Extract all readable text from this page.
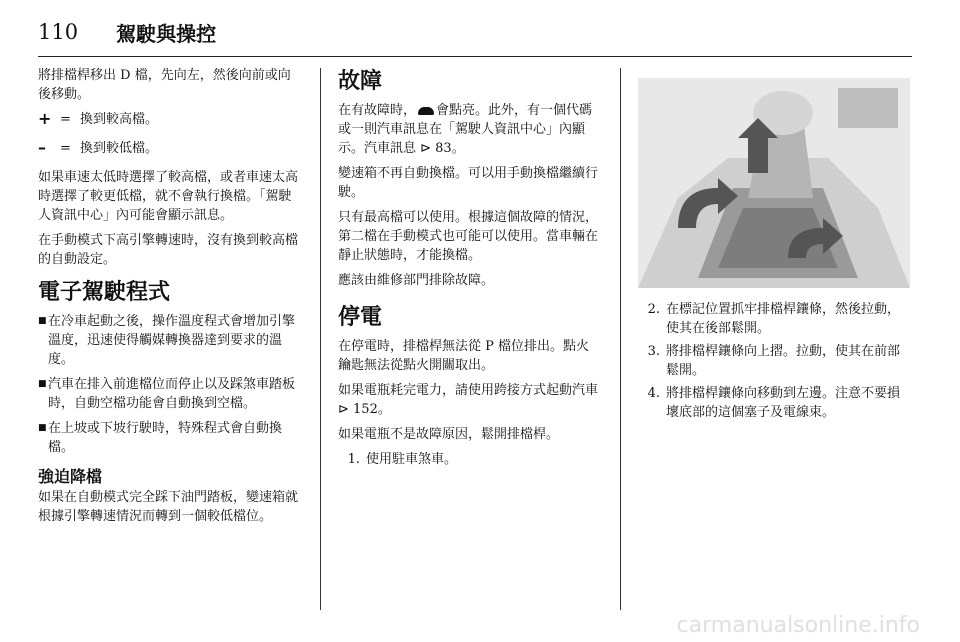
110 駕駛與操控

將排檔桿移出 D 檔，先向左，然後向前或向後移動。

+ = 換到較高檔。
–	= 換到較低檔。

如果車速太低時選擇了較高檔，或者車速太高時選擇了較更低檔，就不會執行換檔。「駕駛人資訊中心」內可能會顯示訊息。

在手動模式下高引擎轉速時，沒有換到較高檔的自動設定。

電子駕駛程式
■ 在冷車起動之後，操作溫度程式會增加引擎溫度，迅速使得觸媒轉換器達到要求的溫度。
■ 汽車在排入前進檔位而停止以及踩煞車踏板時，自動空檔功能會自動換到空檔。
■ 在上坡或下坡行駛時，特殊程式會自動換檔。
強迫降檔

如果在自動模式完全踩下油門踏板，變速箱就根據引擎轉速情況而轉到一個較低檔位。

故障

在有故障時， 會點亮。此外，有一個代碼或一則汽車訊息在「駕駛人資訊中心」內顯示。汽車訊息 ⊳ 83。

變速箱不再自動換檔。可以用手動換檔繼續行駛。

只有最高檔可以使用。根據這個故障的情況，第二檔在手動模式也可能可以使用。當車輛在靜止狀態時，才能換檔。

應該由維修部門排除故障。

停電

在停電時，排檔桿無法從 P 檔位排出。點火鑰匙無法從點火開關取出。

如果電瓶耗完電力，請使用跨接方式起動汽車 ⊳ 152。

如果電瓶不是故障原因，鬆開排檔桿。

1. 使用駐車煞車。
2. 在標記位置抓牢排檔桿鑲條，然後拉動，使其在後部鬆開。
3. 將排檔桿鑲條向上摺。拉動，使其在前部鬆開。
4. 將排檔桿鑲條向移動到左邊。注意不要損壞底部的這個塞子及電線束。
carmanualsonline.info
